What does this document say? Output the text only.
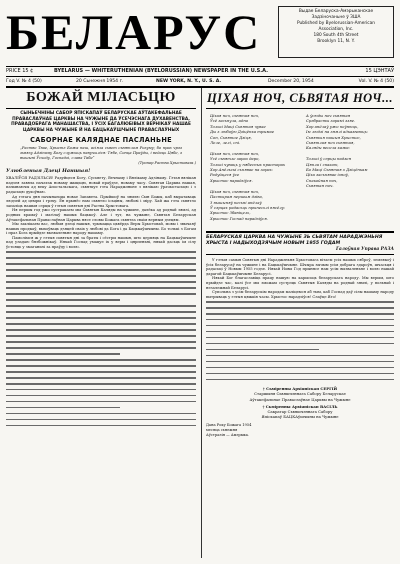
БЕЛАРУС	Выдае Беларуска-Амэрыканскае
Задзіночаньне ў ЗША
Published by Byelorussian-American
Association, Inc.
180 South 4th Street
Brooklyn 11, N. Y.
PRICE 15 ¢	BYELARUS — WHITERUTHENIAN (BYELORUSSIAN) NEWSPAPER IN THE U.S.A.	15 ЦЭНТАЎ
Год V. № 4 (50)	20 Сьнежня 1954 г.	NEW YORK, N. Y., U. S. A.	December 20, 1954	Vol. V. № 4 (50)
БОЖАЙ МІЛАСЬЦЮ
СЫНЬЕЧНІНЫ САБОР ЯПІСКАПАЎ БЕЛАРУСКАЕ АЎТАКЕФАЛЬНАЕ ПРАВАСЛАЎНАЕ ЦАРКВЫ НА ЧУЖЫНЕ ДА ЎСЕЧЭСНАГА ДУХАВЕНСТВА, ПРАВАДОБРАГА МАНАШАСТВА, І ЎСІХ БАГАЛЮБІВЫХ ВЕРНІКАЎ НАШАЕ ЦАРКВЫ НА ЧУЖЫНЕ Й НА БАЦЬКАЎШЧЫНЕ ПРАВАСЛАЎНЫХ
САБОРНАЕ КАЛЯДНАЕ ПАСЛАНЬНЕ

„Раство Твае, Хрыстэ Божа наш, асіяла сьвет сьвятлом Розуму; бо праз чрэз зьвязу Адзінаму Богу служыць навучыліся: Тябе, Сонца Праўды, і ведаць Цябе, з вышыні Ўсходу, Госпадзі, слава Табе“

(Тропар Раства Хрыстовага.)
Улюбленыя Дзеці Наншыя!

ХВАЛІЎСЯ РАДЗІЛЬСЯ! Радуйцеся Богу, Сусьвету, Вечнаму і Вялікаму Адзінаму. Гэтая вялікая падзея завяла пачатак новаму жыцьцю, новай праўдзе, новаму часу. Сьвятая Царква нашая, пачынаючы ад веку Апостальскага, сьвяткуе гэта Нараджэньне з вялікаю ўрачыстасьцю і з радасьцю духоўнаю.

Ад гэтага дня пачынаецца новае Запавета. Прыйшоў на зямлю Сын Божы, каб выратаваць людзей ад цемры і грэху. Ён прынёс нам сьвятло ісьціны, любові і міру. Хай жа гэта сьвятло запаліць нашыя сэрцы ў гэтыя сьвятыя дні Раства Хрыстовага.

Ня першы год ужо сустракаем мы Сьвятыя Каляды на чужыне, далёка ад роднай зямлі, ад родных храмаў і магілаў нашых бацькоў. Але і тут, на чужыне, Сьвятая Беларуская Аўтакефальная Праваслаўная Царква нясе словы Божага сьвятла сваім верным дзецям.

Мы заклікаем вас, любыя дзеці нашыя, трымацца цьвёрда Веры Хрыстовай, мовы і звычаяў нашых продкаў, выхоўваць дзяцей сваіх у любові да Бога і да Бацькаўшчыны. Бо толькі з Богам і праз Бога прыйдзе вызваленьне народу нашаму.

Памолімся ж у гэтыя сьвятыя дні за браты і сёстры нашыя, што церпяць на Бацькаўшчыне пад уладаю бязбожнікаў. Няхай Госпад умацуе іх у веры і цярпеньні, няхай дасьць ім сілу ўстояць у змаганьні за праўду і волю.

ЦІХАЯ НОЧ, СЬВЯТАЯ НОЧ...
Ціхая ноч, сьвятая ноч,
Ўсё засьнула, адно
Толькі Маці Сьвятая чувае
Ды з любоўю Дзіцёнка трымае
Сон, Сьвятое Дзіця,
Леле, лелі, спі.

Ціхая ноч, сьвятая ноч,
Усё сьвятле зараз даро,
Толькі чуваць у нябесных прасторах
Хор Анёльскі сьпявае на зорах:
Радуйцеся ўсе
Хрыстос нарадзіўся.

Ціхая ноч, сьвятая ноч,
Пастырам першым дзіва,
З вышыняў песьні анёлаў
Ў сэрцах радасьць прынесьлі вясёлу:
Хрыстос Збавіцель,
Хрыстос Госпад нарадзіўся.
А ўсюды ноч сьвятая
Срэбрасты зорамі ззяе.
Хор анёлаў ужо поўнюць,
Ім людзі на зямлі адказваюць:
Сьвятыя нашыя Хрыстос,
Сьвятлая ноч сьвятая,
Каляды весела кажа:

Толькі ў сэрцы надзея
Цяпла і спакою,
Бо Маці Сьвятая з Дзіцёнкам
Ціха засьпявае ізноў,
Спакойная ноч,
Сьвятая ноч.
БЕЛАРУСКАЯ ЦАРКВА НА ЧУЖЫНЕ ЗЬ СЬВЯТАМ НАРАДЖЭНЬНЯ ХРЫСТА І НАДЫХОДЗЯЧЫМ НОВЫМ 1955 ГОДАМ
Галоўная Управа РАЗА

У гэтыя самыя Сьвятыя дні Нараджэньня Хрыстовага вітаем усіх нашых сяброў, землякоў і ўсіх беларусаў на чужыне і на Бацькаўшчыне. Шчыра зычым усім добрага здароўя, шчасьця і радасьці ў Новым 1955 годзе. Няхай Новы Год прынясе нам усім вызваленьне і волю нашай дарагой Бацькаўшчыне Беларусі.

Няхай Бог благаславіць працу нашую на карысьць беларускага народу. Мы верым, што прыйдзе час, калі ўсе мы зможам сустрэць Сьвятыя Каляды на роднай зямлі, у вольнай і незалежнай Беларусі.

Супольна з усім беларускім народам маліцемся аб тым, каб Госпад даў сілы нашаму народу вытрываць у гэтыя цяжкія часы. Хрыстос нарадзіўся! Слаўце Яго!

† Сьміренны Архіяпіскап СЕРГІЙ
Старшыня Сьвяшчэннага Сабору Беларускае
Аўтакефальнае Праваслаўнае Царквы на Чужыне
† Сьміренны Архіяпіскап ВАСІЛЬ
Сакратар Сьвяшчэннага Сабору
Япіскапаў БАЦКАўшчыны на Чужыне
Дана Року Божага 1954
месяца сьнежня
Аўстралія — Амэрыка.
